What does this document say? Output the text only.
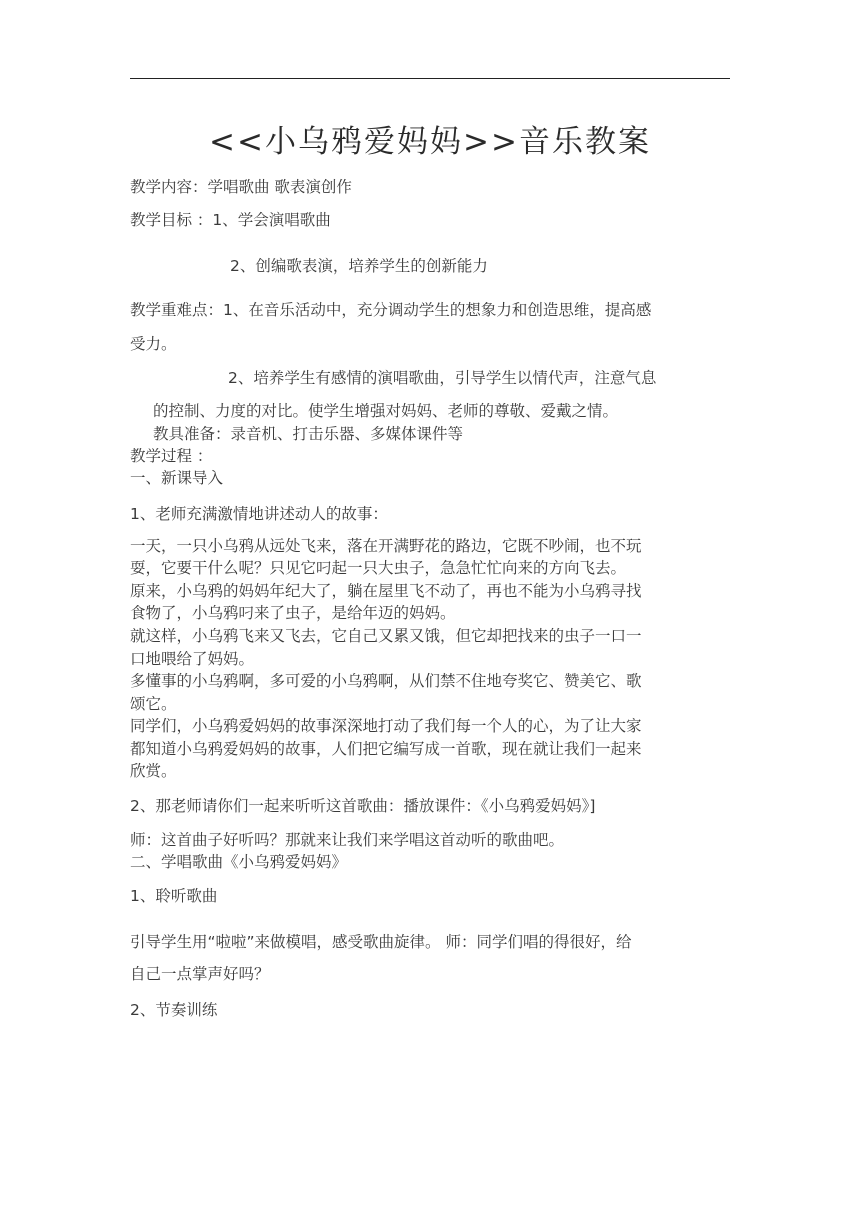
<<小乌鸦爱妈妈>>音乐教案
教学内容：学唱歌曲 歌表演创作
教学目标 ：1、学会演唱歌曲
2、创编歌表演，培养学生的创新能力
教学重难点：1、在音乐活动中，充分调动学生的想象力和创造思维，提高感
受力。
2、培养学生有感情的演唱歌曲，引导学生以情代声，注意气息
的控制、力度的对比。使学生增强对妈妈、老师的尊敬、爱戴之情。
教具准备：录音机、打击乐器、多媒体课件等
教学过程 ：
一、新课导入
1、老师充满激情地讲述动人的故事：
一天，一只小乌鸦从远处飞来，落在开满野花的路边，它既不吵闹，也不玩
耍，它要干什么呢？只见它叼起一只大虫子，急急忙忙向来的方向飞去。
原来，小乌鸦的妈妈年纪大了，躺在屋里飞不动了，再也不能为小乌鸦寻找
食物了，小乌鸦叼来了虫子，是给年迈的妈妈。
就这样，小乌鸦飞来又飞去，它自己又累又饿，但它却把找来的虫子一口一
口地喂给了妈妈。
多懂事的小乌鸦啊，多可爱的小乌鸦啊，从们禁不住地夸奖它、赞美它、歌
颂它。
同学们，小乌鸦爱妈妈的故事深深地打动了我们每一个人的心，为了让大家
都知道小乌鸦爱妈妈的故事，人们把它编写成一首歌，现在就让我们一起来
欣赏。
2、那老师请你们一起来听听这首歌曲：播放课件：《小乌鸦爱妈妈》]
师：这首曲子好听吗？那就来让我们来学唱这首动听的歌曲吧。
二、学唱歌曲《小乌鸦爱妈妈》
1、聆听歌曲
引导学生用“啦啦”来做模唱，感受歌曲旋律。 师：同学们唱的得很好，给
自己一点掌声好吗？
2、节奏训练
